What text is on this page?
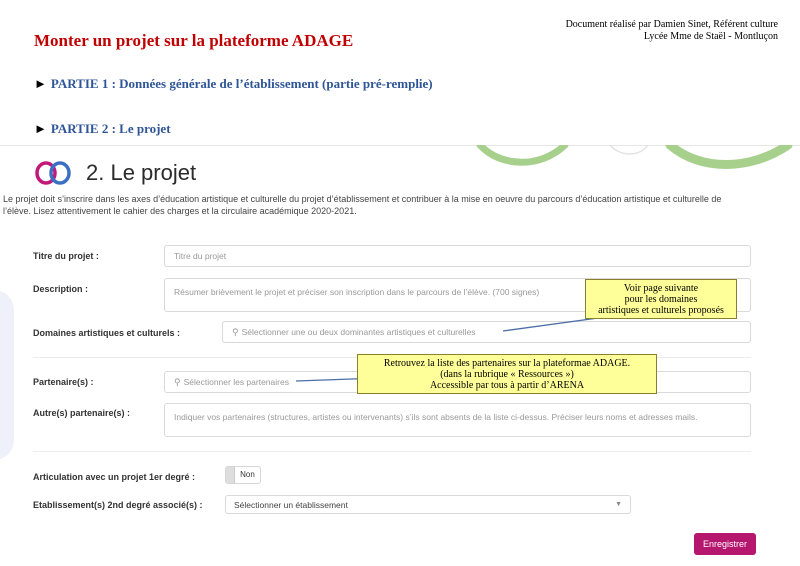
Monter un projet sur la plateforme ADAGE
Document réalisé par Damien Sinet, Référent culture
Lycée Mme de Staël - Montluçon
► PARTIE 1 : Données générale de l’établissement (partie pré-remplie)
► PARTIE 2 : Le projet
2. Le projet
Le projet doit s’inscrire dans les axes d’éducation artistique et culturelle du projet d’établissement et contribuer à la mise en oeuvre du parcours d’éducation artistique et culturelle de
l’élève. Lisez attentivement le cahier des charges et la circulaire académique 2020-2021.
Titre du projet :	Titre du projet
Description :	Résumer brièvement le projet et préciser son inscription dans le parcours de l’élève. (700 signes)
Domaines artistiques et culturels :	⚲ Sélectionner une ou deux dominantes artistiques et culturelles
Partenaire(s) :	⚲ Sélectionner les partenaires
Autre(s) partenaire(s) :	Indiquer vos partenaires (structures, artistes ou intervenants) s’ils sont absents de la liste ci-dessus. Préciser leurs noms et adresses mails.
Articulation avec un projet 1er degré :	Non
Etablissement(s) 2nd degré associé(s) :	Sélectionner un établissement	▼
Enregistrer
Voir page suivante
pour les domaines
artistiques et culturels proposés
Retrouvez la liste des partenaires sur la plateformae ADAGE.
(dans la rubrique « Ressources »)
Accessible par tous à partir d’ARENA
